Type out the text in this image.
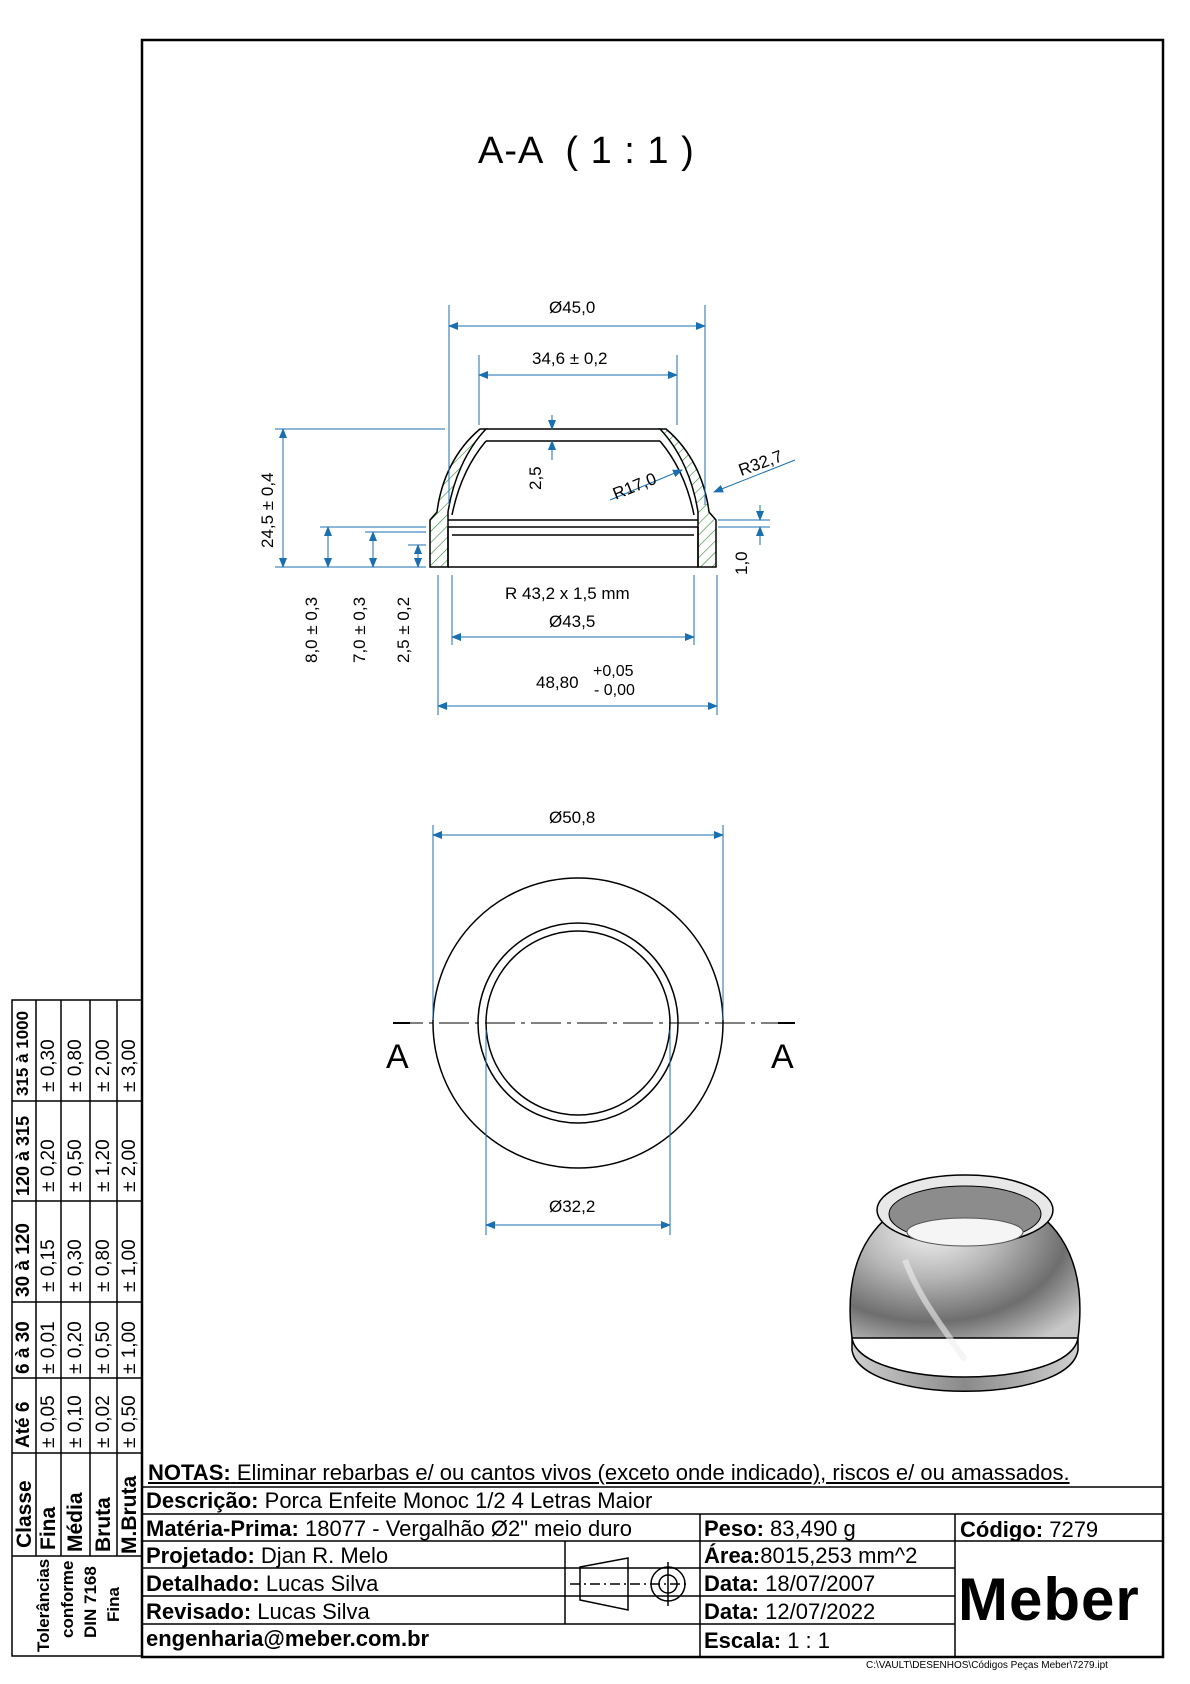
A-A  ( 1 : 1 )
Ø45,0
34,6 ± 0,2
2,5	R17,0
R32,7
1,0
24,5 ± 0,4
8,0 ± 0,3 7,0 ± 0,3 2,5 ± 0,2
R 43,2 x 1,5 mm
Ø43,5
48,80
+0,05
- 0,00
Ø50,8
Ø32,2
A	A
Tolerâncias conforme DIN 7168 Fina
Classe Fina Média Bruta M.Bruta
Até 6 ± 0,05 ± 0,10 ± 0,02 ± 0,50
6 à 30 ± 0,01 ± 0,20 ± 0,50 ± 1,00
30 à 120 ± 0,15 ± 0,30 ± 0,80 ± 1,00
120 à 315 ± 0,20 ± 0,50 ± 1,20 ± 2,00
315 à 1000 ± 0,30 ± 0,80 ± 2,00 ± 3,00
NOTAS: Eliminar rebarbas e/ ou cantos vivos (exceto onde indicado), riscos e/ ou amassados.
Descrição: Porca Enfeite Monoc 1/2 4 Letras Maior
Matéria-Prima: 18077 - Vergalhão Ø2" meio duro	Peso: 83,490 g	Código: 7279
Projetado: Djan R. Melo
Detalhado: Lucas Silva
Revisado: Lucas Silva
engenharia@meber.com.br
Área:8015,253 mm^2
Data: 18/07/2007
Data: 12/07/2022
Escala: 1 : 1
Meber
C:\VAULT\DESENHOS\Códigos Peças Meber\7279.ipt
